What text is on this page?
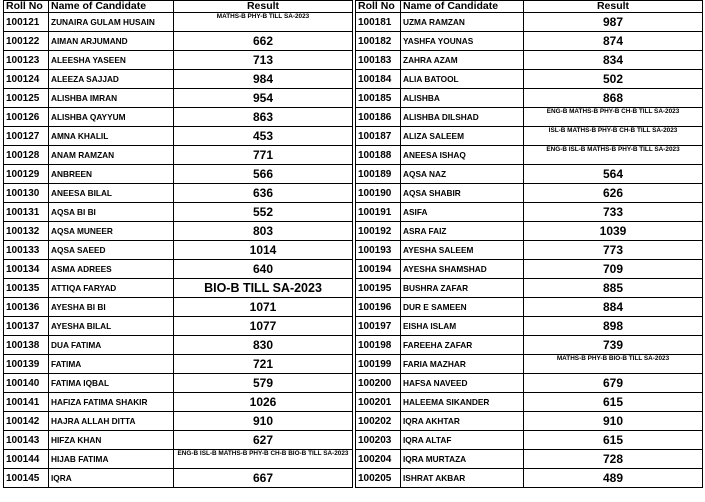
Roll No	Name of Candidate	Result
100121	ZUNAIRA GULAM HUSAIN	MATHS-B PHY-B TILL SA-2023
100122	AIMAN ARJUMAND	662
100123	ALEESHA YASEEN	713
100124	ALEEZA SAJJAD	984
100125	ALISHBA IMRAN	954
100126	ALISHBA QAYYUM	863
100127	AMNA KHALIL	453
100128	ANAM RAMZAN	771
100129	ANBREEN	566
100130	ANEESA BILAL	636
100131	AQSA BI BI	552
100132	AQSA MUNEER	803
100133	AQSA SAEED	1014
100134	ASMA ADREES	640
100135	ATTIQA FARYAD	BIO-B TILL SA-2023
100136	AYESHA BI BI	1071
100137	AYESHA BILAL	1077
100138	DUA FATIMA	830
100139	FATIMA	721
100140	FATIMA IQBAL	579
100141	HAFIZA FATIMA SHAKIR	1026
100142	HAJRA ALLAH DITTA	910
100143	HIFZA KHAN	627
100144	HIJAB FATIMA	ENG-B ISL-B MATHS-B PHY-B CH-B BIO-B TILL SA-2023
100145	IQRA	667
Roll No	Name of Candidate	Result
100181	UZMA RAMZAN	987
100182	YASHFA YOUNAS	874
100183	ZAHRA AZAM	834
100184	ALIA BATOOL	502
100185	ALISHBA	868
100186	ALISHBA DILSHAD	ENG-B MATHS-B PHY-B CH-B TILL SA-2023
100187	ALIZA SALEEM	ISL-B MATHS-B PHY-B CH-B TILL SA-2023
100188	ANEESA ISHAQ	ENG-B ISL-B MATHS-B PHY-B TILL SA-2023
100189	AQSA NAZ	564
100190	AQSA SHABIR	626
100191	ASIFA	733
100192	ASRA FAIZ	1039
100193	AYESHA SALEEM	773
100194	AYESHA SHAMSHAD	709
100195	BUSHRA ZAFAR	885
100196	DUR E SAMEEN	884
100197	EISHA ISLAM	898
100198	FAREEHA ZAFAR	739
100199	FARIA MAZHAR	MATHS-B PHY-B BIO-B TILL SA-2023
100200	HAFSA NAVEED	679
100201	HALEEMA SIKANDER	615
100202	IQRA AKHTAR	910
100203	IQRA ALTAF	615
100204	IQRA MURTAZA	728
100205	ISHRAT AKBAR	489
